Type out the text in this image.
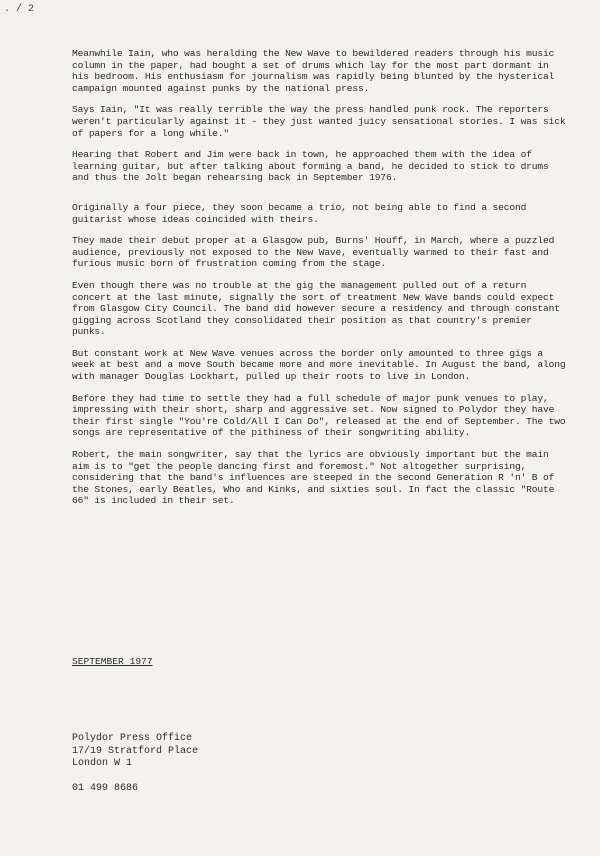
. / 2

Meanwhile Iain, who was heralding the New Wave to bewildered readers through his music column in the paper, had bought a set of drums which lay for the most part dormant in his bedroom. His enthusiasm for journalism was rapidly being blunted by the hysterical campaign mounted against punks by the national press.

Says Iain, "It was really terrible the way the press handled punk rock. The reporters weren't particularly against it - they just wanted juicy sensational stories. I was sick of papers for a long while."

Hearing that Robert and Jim were back in town, he approached them with the idea of learning guitar, but after talking about forming a band, he decided to stick to drums and thus the Jolt began rehearsing back in September 1976.

Originally a four piece, they soon became a trio, not being able to find a second guitarist whose ideas coincided with theirs.

They made their debut proper at a Glasgow pub, Burns' Houff, in March, where a puzzled audience, previously not exposed to the New Wave, eventually warmed to their fast and furious music born of frustration coming from the stage.

Even though there was no trouble at the gig the management pulled out of a return concert at the last minute, signally the sort of treatment New Wave bands could expect from Glasgow City Council. The band did however secure a residency and through constant gigging across Scotland they consolidated their position as that country's premier punks.

But constant work at New Wave venues across the border only amounted to three gigs a week at best and a move South became more and more inevitable. In August the band, along with manager Douglas Lockhart, pulled up their roots to live in London.

Before they had time to settle they had a full schedule of major punk venues to play, impressing with their short, sharp and aggressive set. Now signed to Polydor they have their first single "You're Cold/All I Can Do", released at the end of September. The two songs are representative of the pithiness of their songwriting ability.

Robert, the main songwriter, say that the lyrics are obviously important but the main aim is to "get the people dancing first and foremost." Not altogether surprising, considering that the band's influences are steeped in the second Generation R 'n' B of the Stones, early Beatles, Who and Kinks, and sixties soul. In fact the classic "Route 66" is included in their set.

SEPTEMBER 1977
Polydor Press Office
17/19 Stratford Place
London W 1
01 499 8686
